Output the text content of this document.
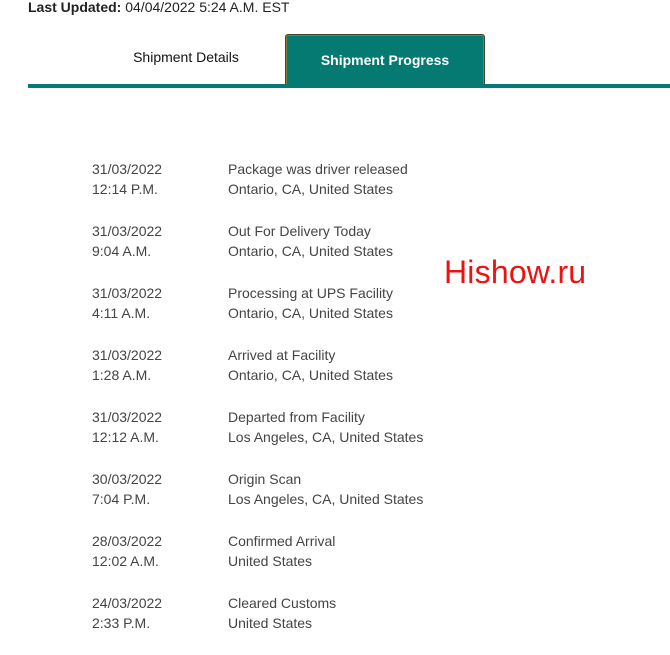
Last Updated: 04/04/2022 5:24 A.M. EST
Shipment Details	Shipment Progress
31/03/2022
12:14 P.M.
Package was driver released
Ontario, CA, United States
31/03/2022
9:04 A.M.
Out For Delivery Today
Ontario, CA, United States
31/03/2022
4:11 A.M.
Processing at UPS Facility
Ontario, CA, United States
31/03/2022
1:28 A.M.
Arrived at Facility
Ontario, CA, United States
31/03/2022
12:12 A.M.
Departed from Facility
Los Angeles, CA, United States
30/03/2022
7:04 P.M.
Origin Scan
Los Angeles, CA, United States
28/03/2022
12:02 A.M.
Confirmed Arrival
United States
24/03/2022
2:33 P.M.
Cleared Customs
United States
Hishow.ru
